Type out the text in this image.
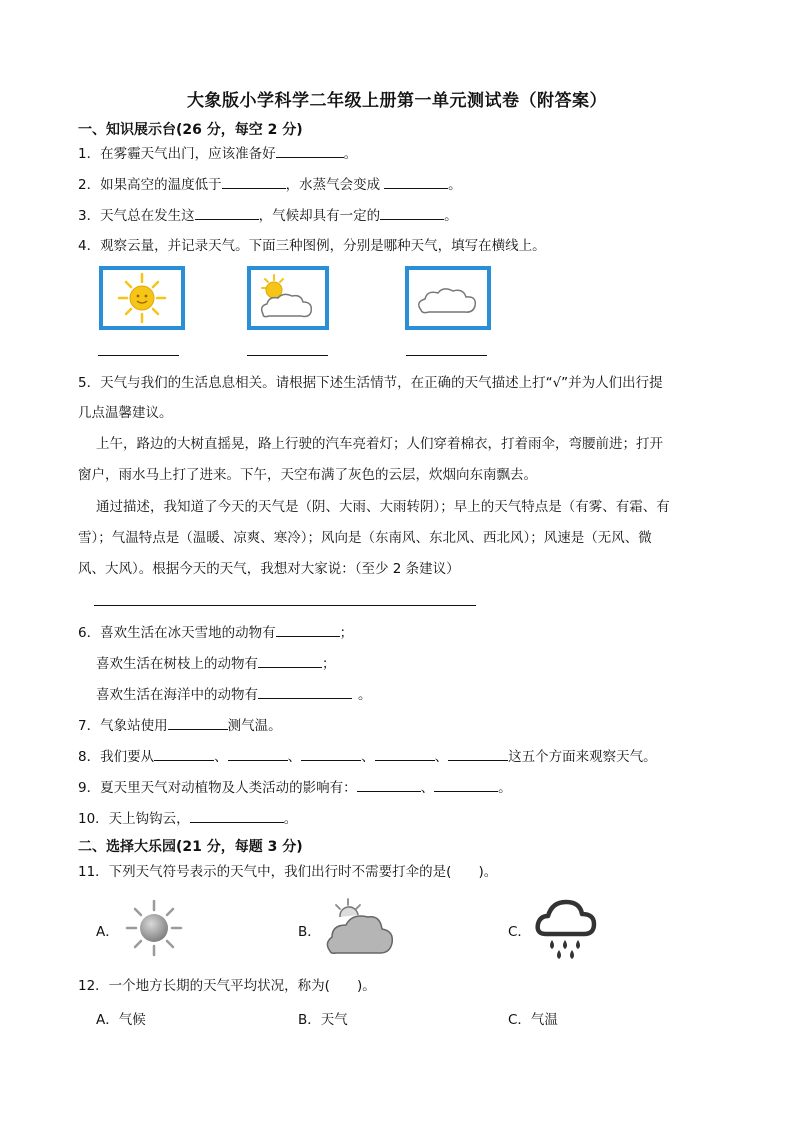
大象版小学科学二年级上册第一单元测试卷（附答案）
一、知识展示台(26 分，每空 2 分)
1．在雾霾天气出门，应该准备好	。
2．如果高空的温度低于	，水蒸气会变成	。
3．天气总在发生这	，气候却具有一定的	。
4．观察云量，并记录天气。下面三种图例，分别是哪种天气，填写在横线上。
5．天气与我们的生活息息相关。请根据下述生活情节，在正确的天气描述上打“√”并为人们出行提
几点温馨建议。
上午，路边的大树直摇晃，路上行驶的汽车亮着灯；人们穿着棉衣，打着雨伞，弯腰前进；打开
窗户，雨水马上打了进来。下午，天空布满了灰色的云层，炊烟向东南飘去。
通过描述，我知道了今天的天气是（阴、大雨、大雨转阴）；早上的天气特点是（有雾、有霜、有
雪）；气温特点是（温暖、凉爽、寒冷）；风向是（东南风、东北风、西北风）；风速是（无风、微
风、大风）。根据今天的天气，我想对大家说：（至少 2 条建议）
6．喜欢生活在冰天雪地的动物有	；
喜欢生活在树枝上的动物有	；
喜欢生活在海洋中的动物有	。
7．气象站使用	测气温。
8．我们要从	、	、	、	、	这五个方面来观察天气。
9．夏天里天气对动植物及人类活动的影响有：	、	。
10．天上钩钩云，	。
二、选择大乐园(21 分，每题 3 分)
11．下列天气符号表示的天气中，我们出行时不需要打伞的是(　　)。
A．	B．	C．
12．一个地方长期的天气平均状况，称为(　　)。
A．气候	B．天气	C．气温
